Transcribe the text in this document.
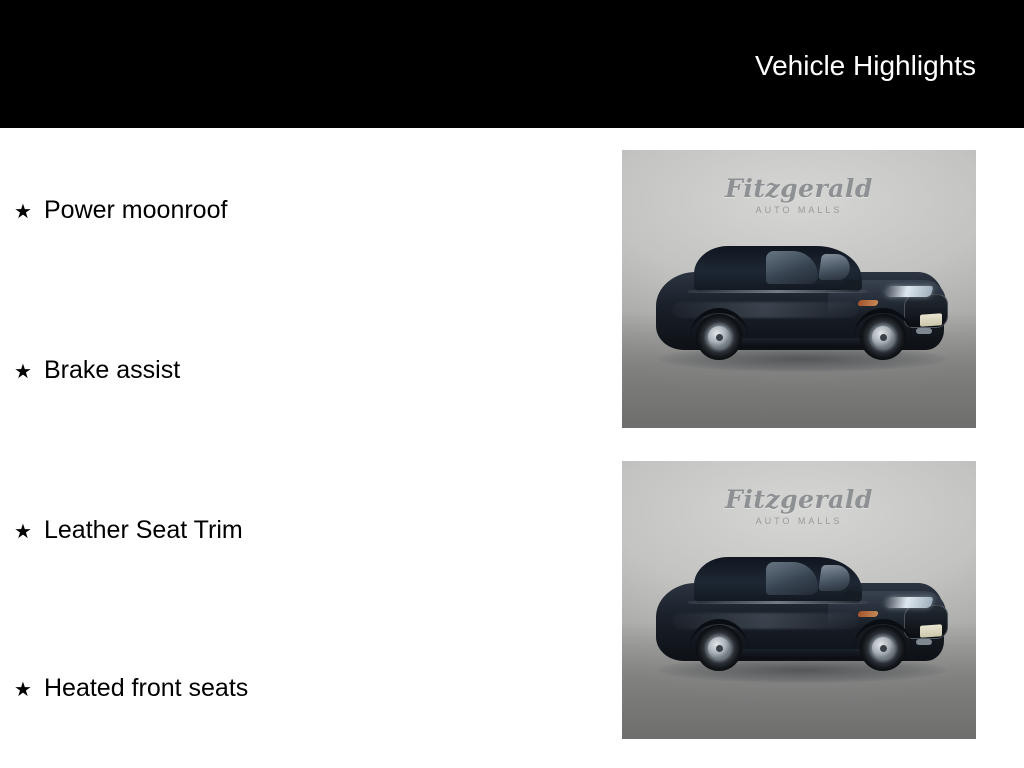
Vehicle Highlights
★ Power moonroof
★ Brake assist
★ Leather Seat Trim
★ Heated front seats
Fitzgerald
AUTO MALLS
Fitzgerald
AUTO MALLS
